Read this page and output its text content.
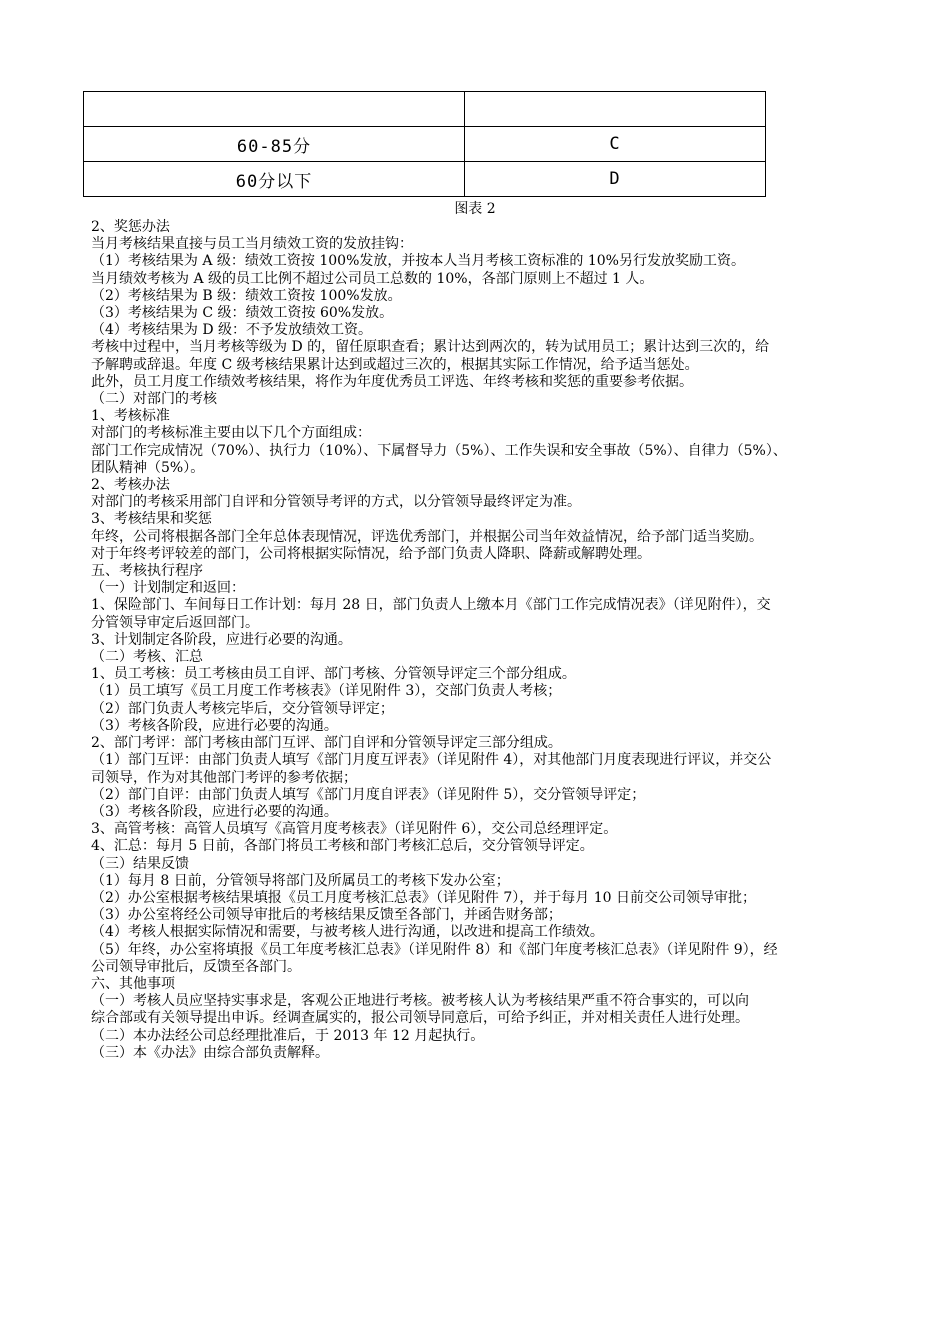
60-85分	C
60分以下	D
图表 2

2、奖惩办法

当月考核结果直接与员工当月绩效工资的发放挂钩：

（1）考核结果为 A 级：绩效工资按 100%发放，并按本人当月考核工资标准的 10%另行发放奖励工资。

当月绩效考核为 A 级的员工比例不超过公司员工总数的 10%，各部门原则上不超过 1 人。

（2）考核结果为 B 级：绩效工资按 100%发放。

（3）考核结果为 C 级：绩效工资按 60%发放。

（4）考核结果为 D 级：不予发放绩效工资。

考核中过程中，当月考核等级为 D 的，留任原职查看；累计达到两次的，转为试用员工；累计达到三次的，给

予解聘或辞退。年度 C 级考核结果累计达到或超过三次的，根据其实际工作情况，给予适当惩处。

此外，员工月度工作绩效考核结果，将作为年度优秀员工评选、年终考核和奖惩的重要参考依据。

（二）对部门的考核

1、考核标准

对部门的考核标准主要由以下几个方面组成：

部门工作完成情况（70%）、执行力（10%）、下属督导力（5%）、工作失误和安全事故（5%）、自律力（5%）、

团队精神（5%）。

2、考核办法

对部门的考核采用部门自评和分管领导考评的方式，以分管领导最终评定为准。

3、考核结果和奖惩

年终，公司将根据各部门全年总体表现情况，评选优秀部门，并根据公司当年效益情况，给予部门适当奖励。

对于年终考评较差的部门，公司将根据实际情况，给予部门负责人降职、降薪或解聘处理。

五、考核执行程序

（一）计划制定和返回：

1、保险部门、车间每日工作计划：每月 28 日，部门负责人上缴本月《部门工作完成情况表》（详见附件），交

分管领导审定后返回部门。

3、计划制定各阶段，应进行必要的沟通。

（二）考核、汇总

1、员工考核：员工考核由员工自评、部门考核、分管领导评定三个部分组成。

（1）员工填写《员工月度工作考核表》（详见附件 3），交部门负责人考核；

（2）部门负责人考核完毕后，交分管领导评定；

（3）考核各阶段，应进行必要的沟通。

2、部门考评：部门考核由部门互评、部门自评和分管领导评定三部分组成。

（1）部门互评：由部门负责人填写《部门月度互评表》（详见附件 4），对其他部门月度表现进行评议，并交公

司领导，作为对其他部门考评的参考依据；

（2）部门自评：由部门负责人填写《部门月度自评表》（详见附件 5），交分管领导评定；

（3）考核各阶段，应进行必要的沟通。

3、高管考核：高管人员填写《高管月度考核表》（详见附件 6），交公司总经理评定。

4、汇总：每月 5 日前，各部门将员工考核和部门考核汇总后，交分管领导评定。

（三）结果反馈

（1）每月 8 日前，分管领导将部门及所属员工的考核下发办公室；

（2）办公室根据考核结果填报《员工月度考核汇总表》（详见附件 7），并于每月 10 日前交公司领导审批；

（3）办公室将经公司领导审批后的考核结果反馈至各部门，并函告财务部；

（4）考核人根据实际情况和需要，与被考核人进行沟通，以改进和提高工作绩效。

（5）年终，办公室将填报《员工年度考核汇总表》（详见附件 8）和《部门年度考核汇总表》（详见附件 9），经

公司领导审批后，反馈至各部门。

六、其他事项

（一）考核人员应坚持实事求是，客观公正地进行考核。被考核人认为考核结果严重不符合事实的，可以向

综合部或有关领导提出申诉。经调查属实的，报公司领导同意后，可给予纠正，并对相关责任人进行处理。

（二）本办法经公司总经理批准后，于 2013 年 12 月起执行。

（三）本《办法》由综合部负责解释。
